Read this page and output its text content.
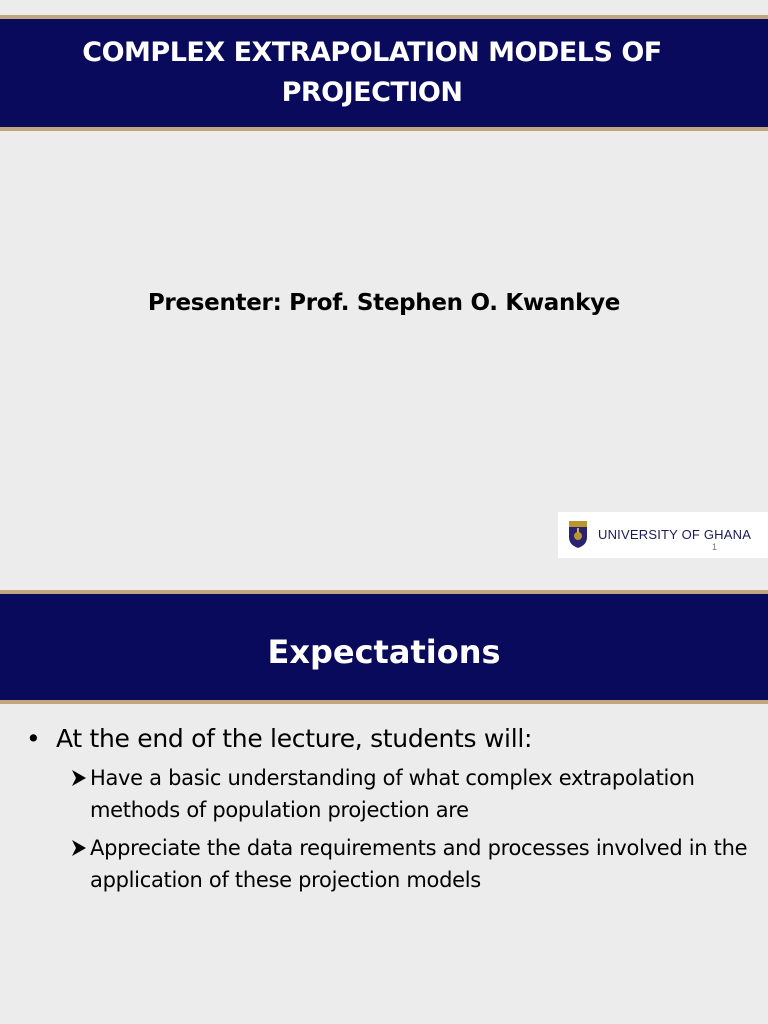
COMPLEX EXTRAPOLATION MODELS OF PROJECTION
Presenter: Prof. Stephen O. Kwankye
UNIVERSITY OF GHANA
1
Expectations
• At the end of the lecture, students will:
Have a basic understanding of what complex extrapolation methods of population projection are
Appreciate the data requirements and processes involved in the application of these projection models
